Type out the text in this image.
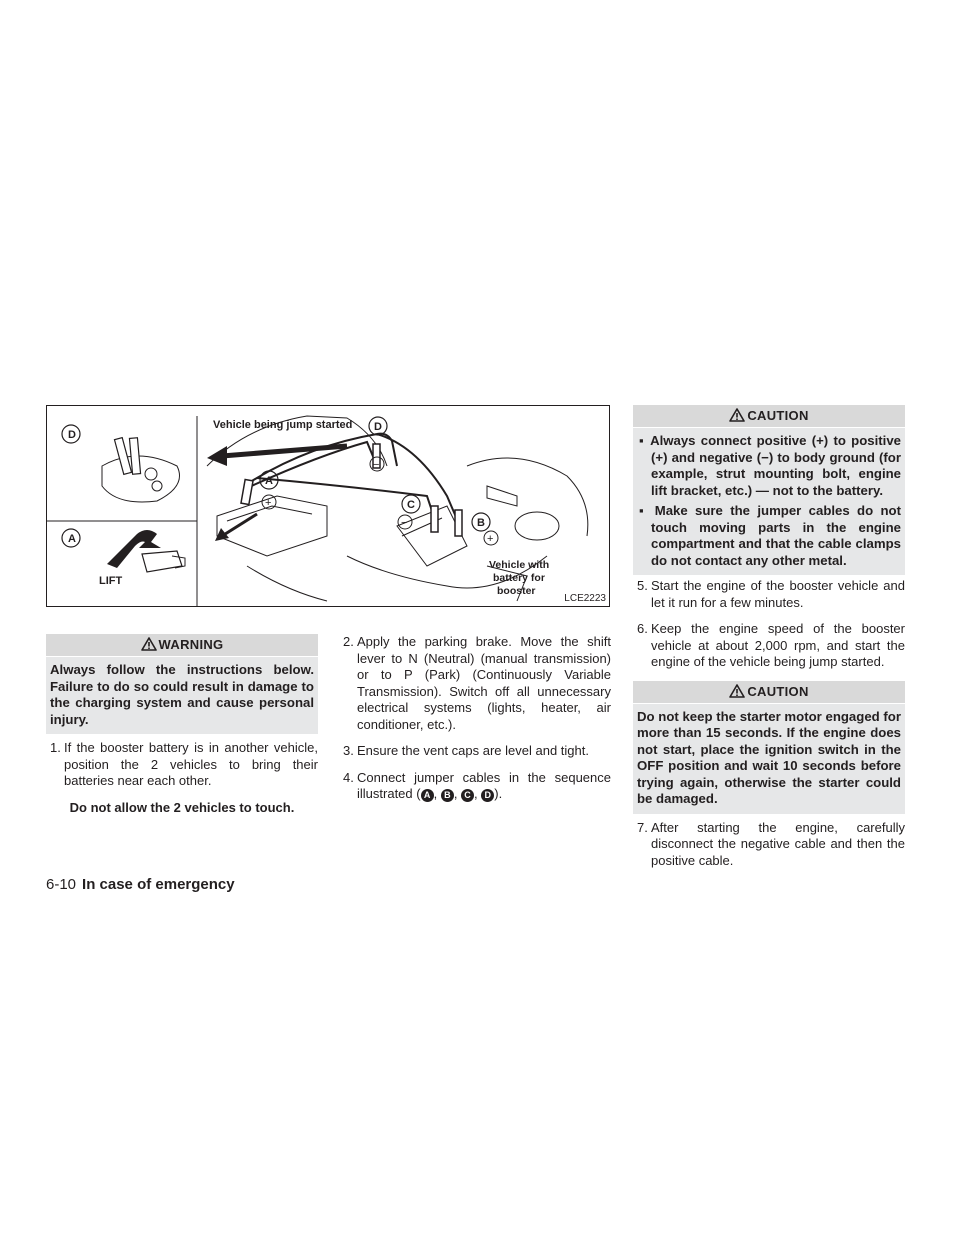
D
A
LIFT
Vehicle being jump started
A
D
C
B
+
−
−
+
Vehicle with
battery for
booster
LCE2223
WARNING
Always follow the instructions below. Failure to do so could result in damage to the charging system and cause personal injury.

1. If the booster battery is in another vehicle, position the 2 vehicles to bring their batteries near each other.

Do not allow the 2 vehicles to touch.

2. Apply the parking brake. Move the shift lever to N (Neutral) (manual transmission) or to P (Park) (Continuously Variable Transmission). Switch off all unnecessary electrical systems (lights, heater, air conditioner, etc.).

3. Ensure the vent caps are level and tight.

4. Connect jumper cables in the sequence illustrated ( A , B , C , D ).

CAUTION

▪ Always connect positive (+) to positive (+) and negative (−) to body ground (for example, strut mounting bolt, engine lift bracket, etc.) — not to the battery.

▪ Make sure the jumper cables do not touch moving parts in the engine compartment and that the cable clamps do not contact any other metal.

5. Start the engine of the booster vehicle and let it run for a few minutes.

6. Keep the engine speed of the booster vehicle at about 2,000 rpm, and start the engine of the vehicle being jump started.

CAUTION
Do not keep the starter motor engaged for more than 15 seconds. If the engine does not start, place the ignition switch in the OFF position and wait 10 seconds before trying again, otherwise the starter could be damaged.

7. After starting the engine, carefully disconnect the negative cable and then the positive cable.

6-10 In case of emergency
